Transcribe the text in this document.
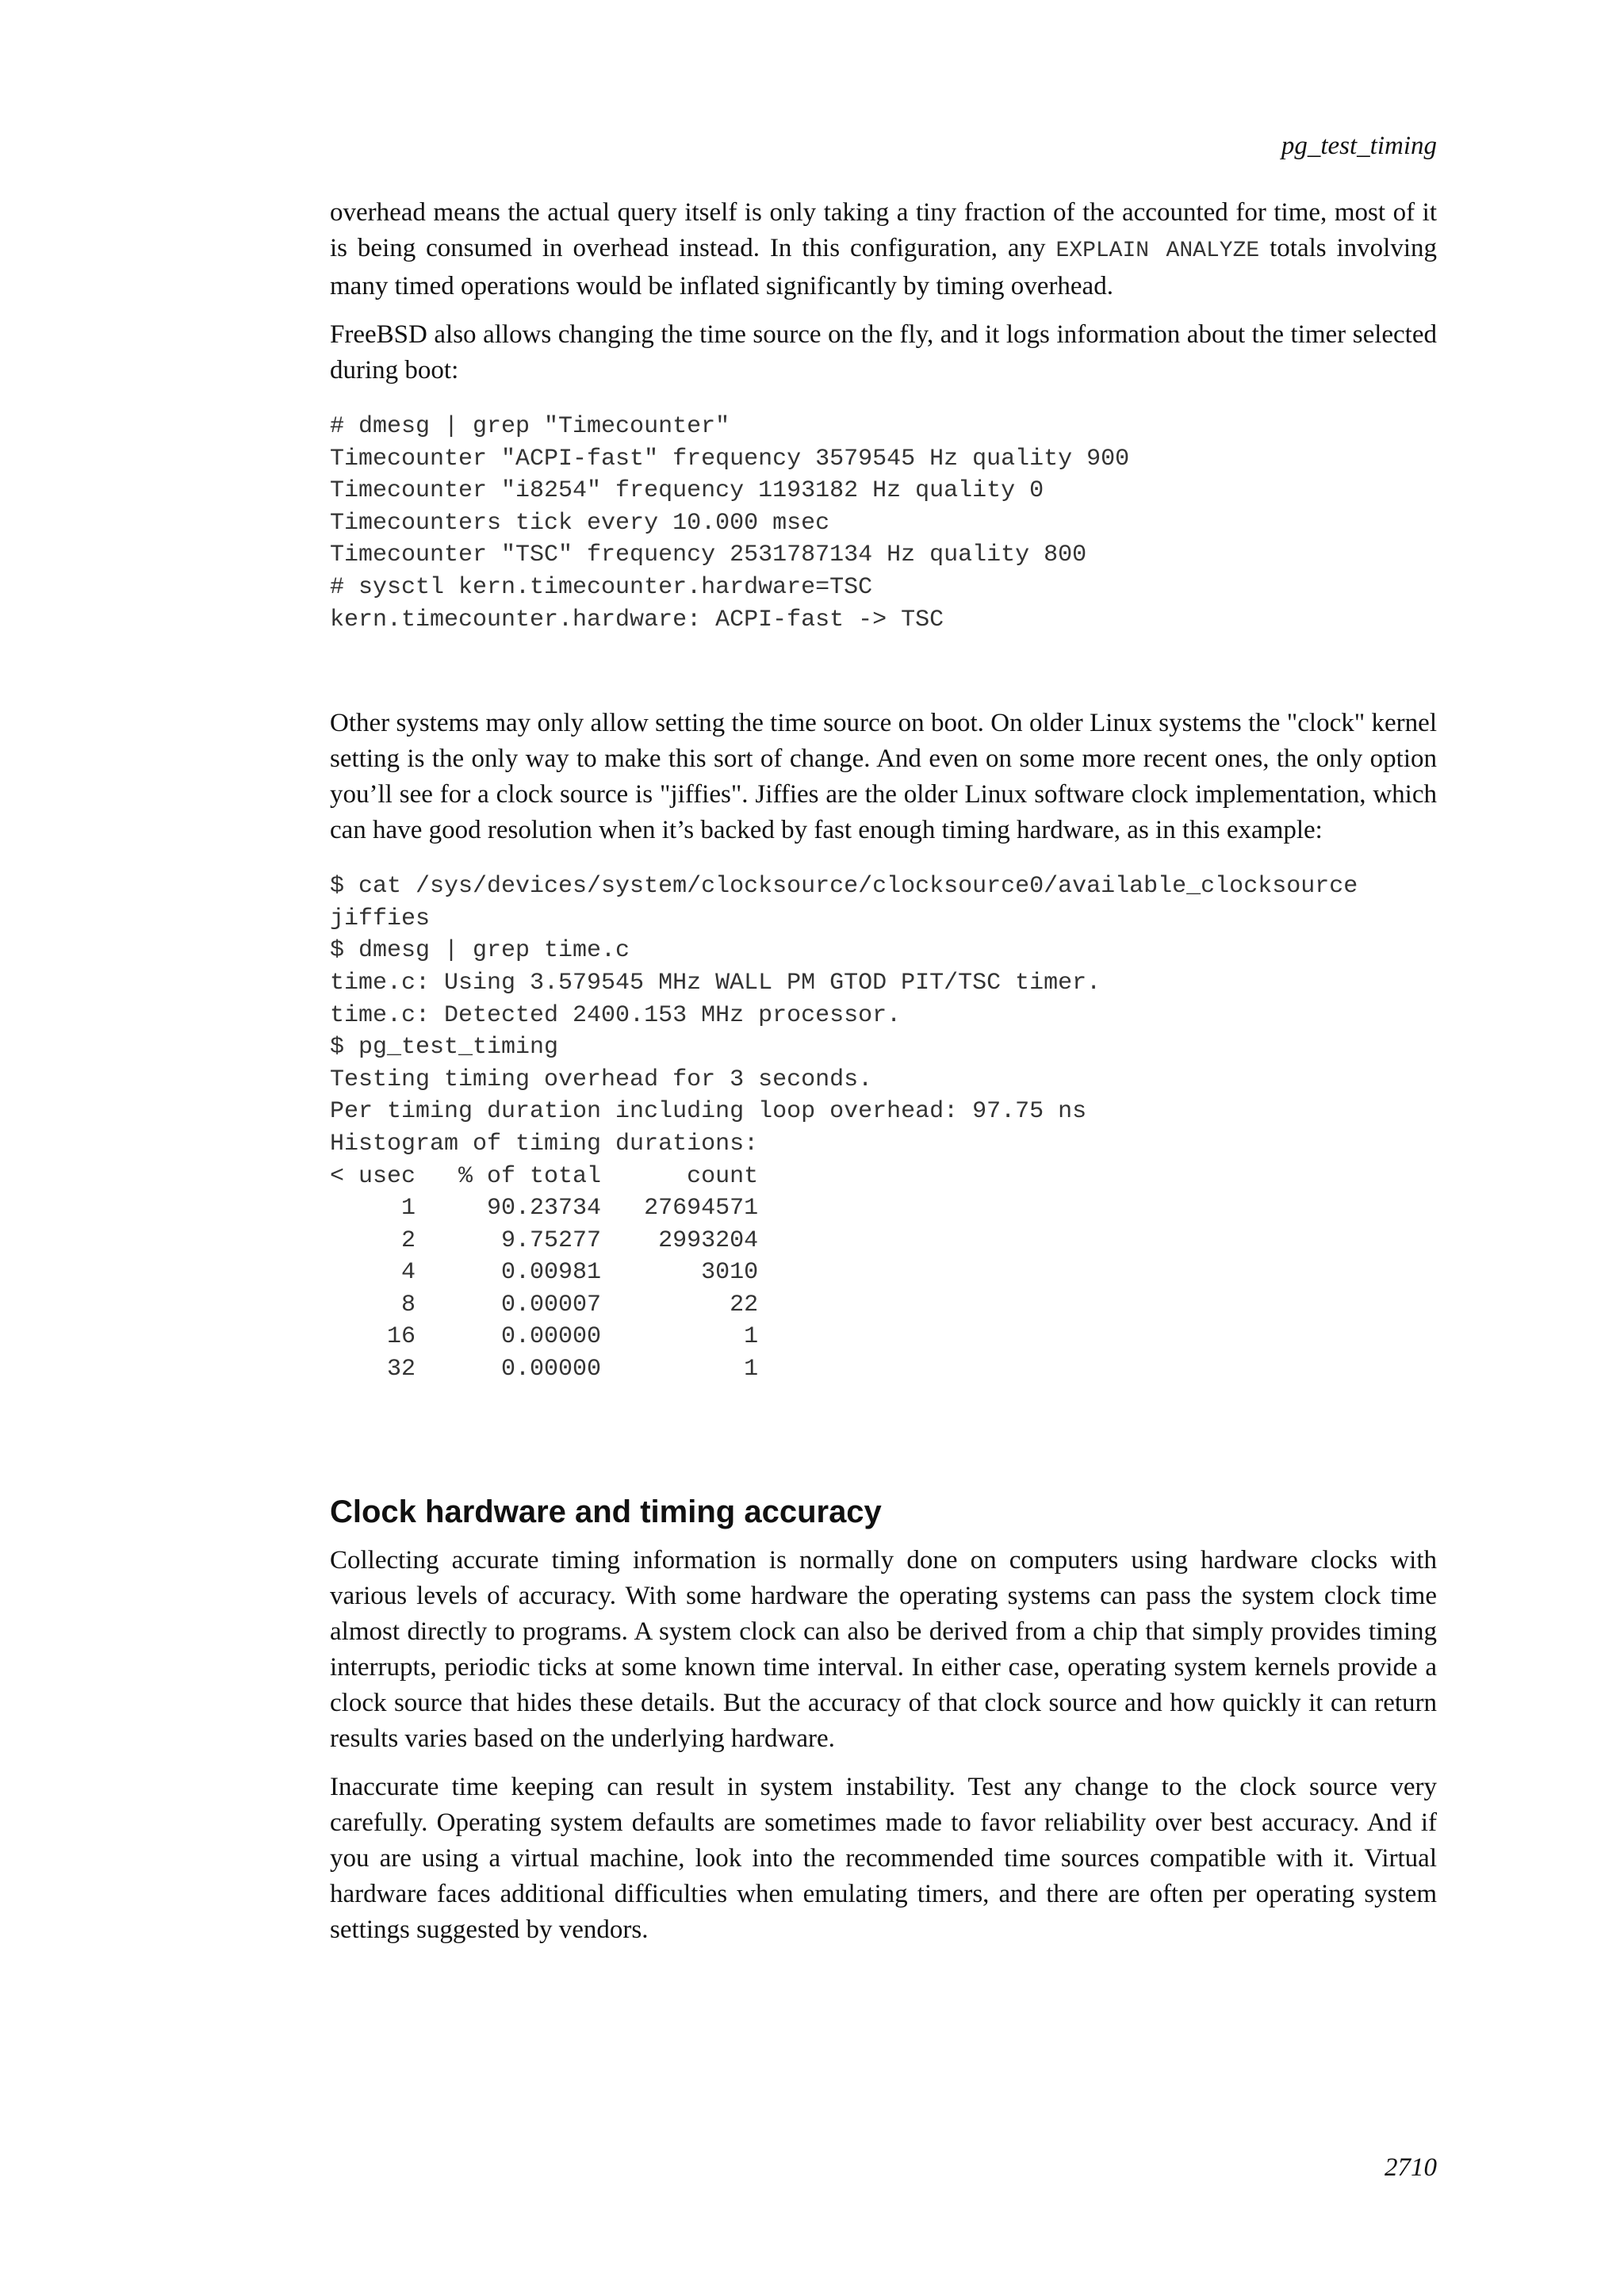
pg_test_timing

overhead means the actual query itself is only taking a tiny fraction of the accounted for time, most of it is being consumed in overhead instead. In this configuration, any EXPLAIN ANALYZE totals involving many timed operations would be inflated significantly by timing overhead.

FreeBSD also allows changing the time source on the fly, and it logs information about the timer selected during boot:

# dmesg | grep "Timecounter"
Timecounter "ACPI-fast" frequency 3579545 Hz quality 900
Timecounter "i8254" frequency 1193182 Hz quality 0
Timecounters tick every 10.000 msec
Timecounter "TSC" frequency 2531787134 Hz quality 800
# sysctl kern.timecounter.hardware=TSC
kern.timecounter.hardware: ACPI-fast -> TSC

Other systems may only allow setting the time source on boot. On older Linux systems the "clock" kernel setting is the only way to make this sort of change. And even on some more recent ones, the only option you’ll see for a clock source is "jiffies". Jiffies are the older Linux software clock implementation, which can have good resolution when it’s backed by fast enough timing hardware, as in this example:

$ cat /sys/devices/system/clocksource/clocksource0/available_clocksource
jiffies
$ dmesg | grep time.c
time.c: Using 3.579545 MHz WALL PM GTOD PIT/TSC timer.
time.c: Detected 2400.153 MHz processor.
$ pg_test_timing
Testing timing overhead for 3 seconds.
Per timing duration including loop overhead: 97.75 ns
Histogram of timing durations:
< usec   % of total      count
1     90.23734   27694571
2      9.75277    2993204
4      0.00981       3010
8      0.00007         22
16      0.00000          1
32      0.00000          1
Clock hardware and timing accuracy

Collecting accurate timing information is normally done on computers using hardware clocks with various levels of accuracy. With some hardware the operating systems can pass the system clock time almost directly to programs. A system clock can also be derived from a chip that simply provides timing interrupts, periodic ticks at some known time interval. In either case, operating system kernels provide a clock source that hides these details. But the accuracy of that clock source and how quickly it can return results varies based on the underlying hardware.

Inaccurate time keeping can result in system instability. Test any change to the clock source very carefully. Operating system defaults are sometimes made to favor reliability over best accuracy. And if you are using a virtual machine, look into the recommended time sources compatible with it. Virtual hardware faces additional difficulties when emulating timers, and there are often per operating system settings suggested by vendors.

2710
